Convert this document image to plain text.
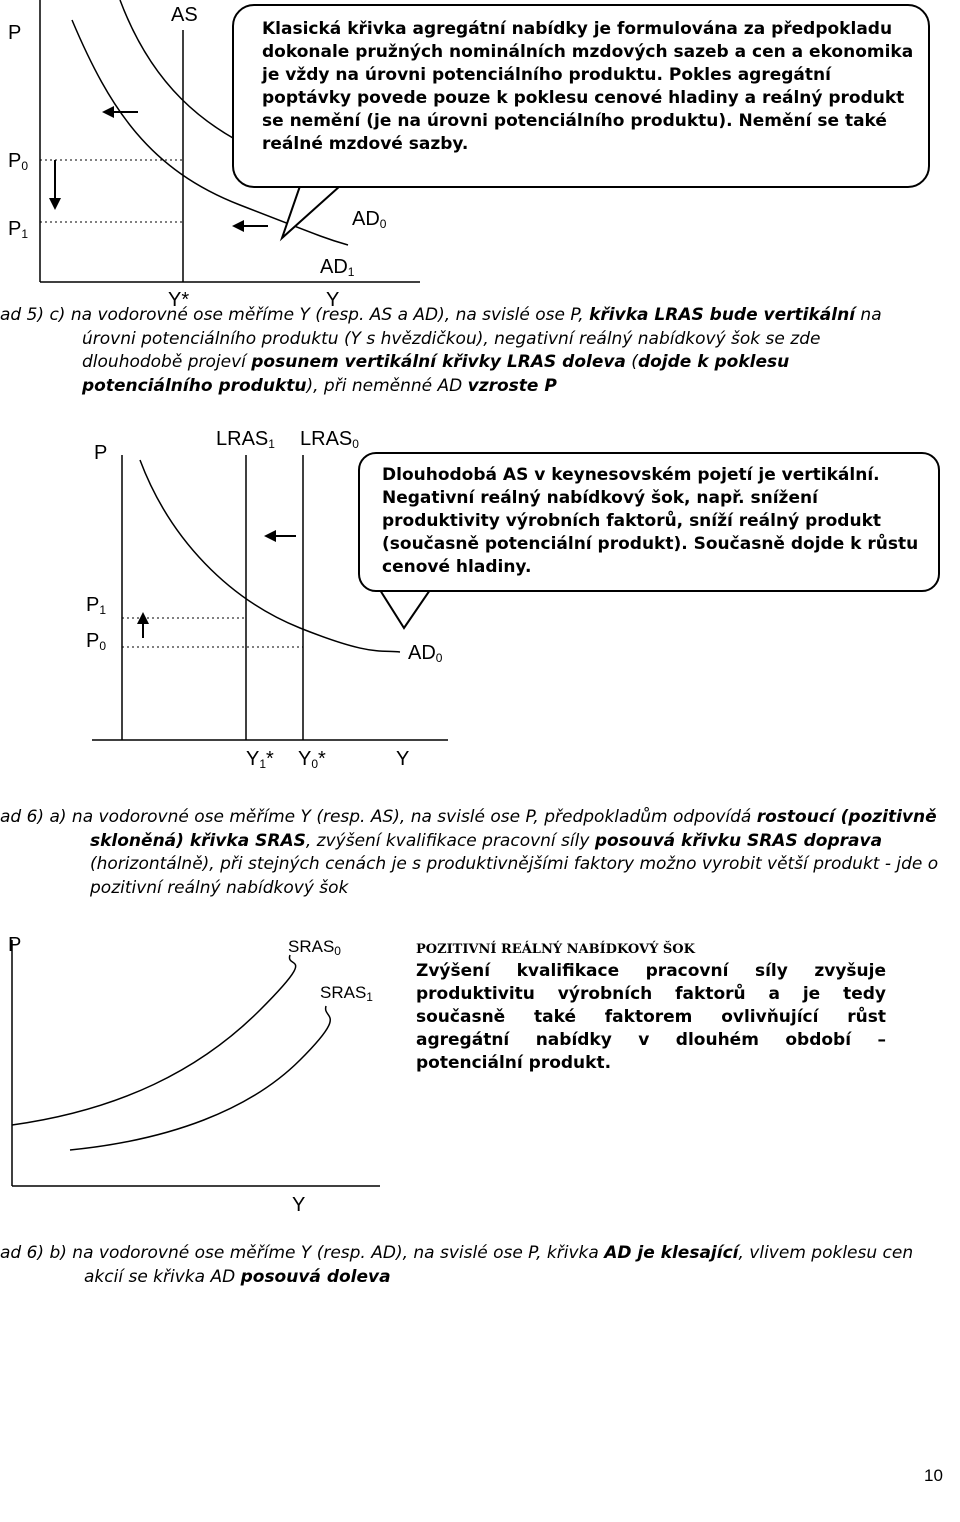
P
AS
$P_0$
$P_1$
$AD_0$
$AD_1$
Y*	Y
Klasická křivka agregátní nabídky je formulována za předpokladu dokonale pružných nominálních mzdových sazeb a cen a ekonomika je vždy na úrovni potenciálního produktu. Pokles agregátní poptávky povede pouze k poklesu cenové hladiny a reálný produkt se nemění (je na úrovni potenciálního produktu). Nemění se také reálné mzdové sazby.

ad 5) c) na vodorovné ose měříme Y (resp. AS a AD), na svislé ose P, křivka LRAS bude vertikální na úrovni potenciálního produktu (Y s hvězdičkou), negativní reálný nabídkový šok se zde dlouhodobě projeví posunem vertikální křivky LRAS doleva (dojde k poklesu potenciálního produktu), při neměnné AD vzroste P

P
$LRAS_1$ $LRAS_0$
$P_1$
$P_0$	$AD_0$
$Y_1*$ $Y_0*$	Y
Dlouhodobá AS v keynesovském pojetí je vertikální. Negativní reálný nabídkový šok, např. snížení produktivity výrobních faktorů, sníží reálný produkt (současně potenciální produkt). Současně dojde k růstu cenové hladiny.

ad 6) a) na vodorovné ose měříme Y (resp. AS), na svislé ose P, předpokladům odpovídá rostoucí (pozitivně skloněná) křivka SRAS, zvýšení kvalifikace pracovní síly posouvá křivku SRAS doprava (horizontálně), při stejných cenách je s produktivnějšími faktory možno vyrobit větší produkt - jde o pozitivní reálný nabídkový šok

P	$SRAS_0$
$SRAS_1$
Y
POZITIVNÍ REÁLNÝ NABÍDKOVÝ ŠOK
Zvýšení kvalifikace pracovní síly zvyšuje produktivitu výrobních faktorů a je tedy současně také faktorem ovlivňující růst agregátní nabídky v dlouhém období – potenciální produkt.

ad 6) b) na vodorovné ose měříme Y (resp. AD), na svislé ose P, křivka AD je klesající, vlivem poklesu cen akcií se křivka AD posouvá doleva

10
